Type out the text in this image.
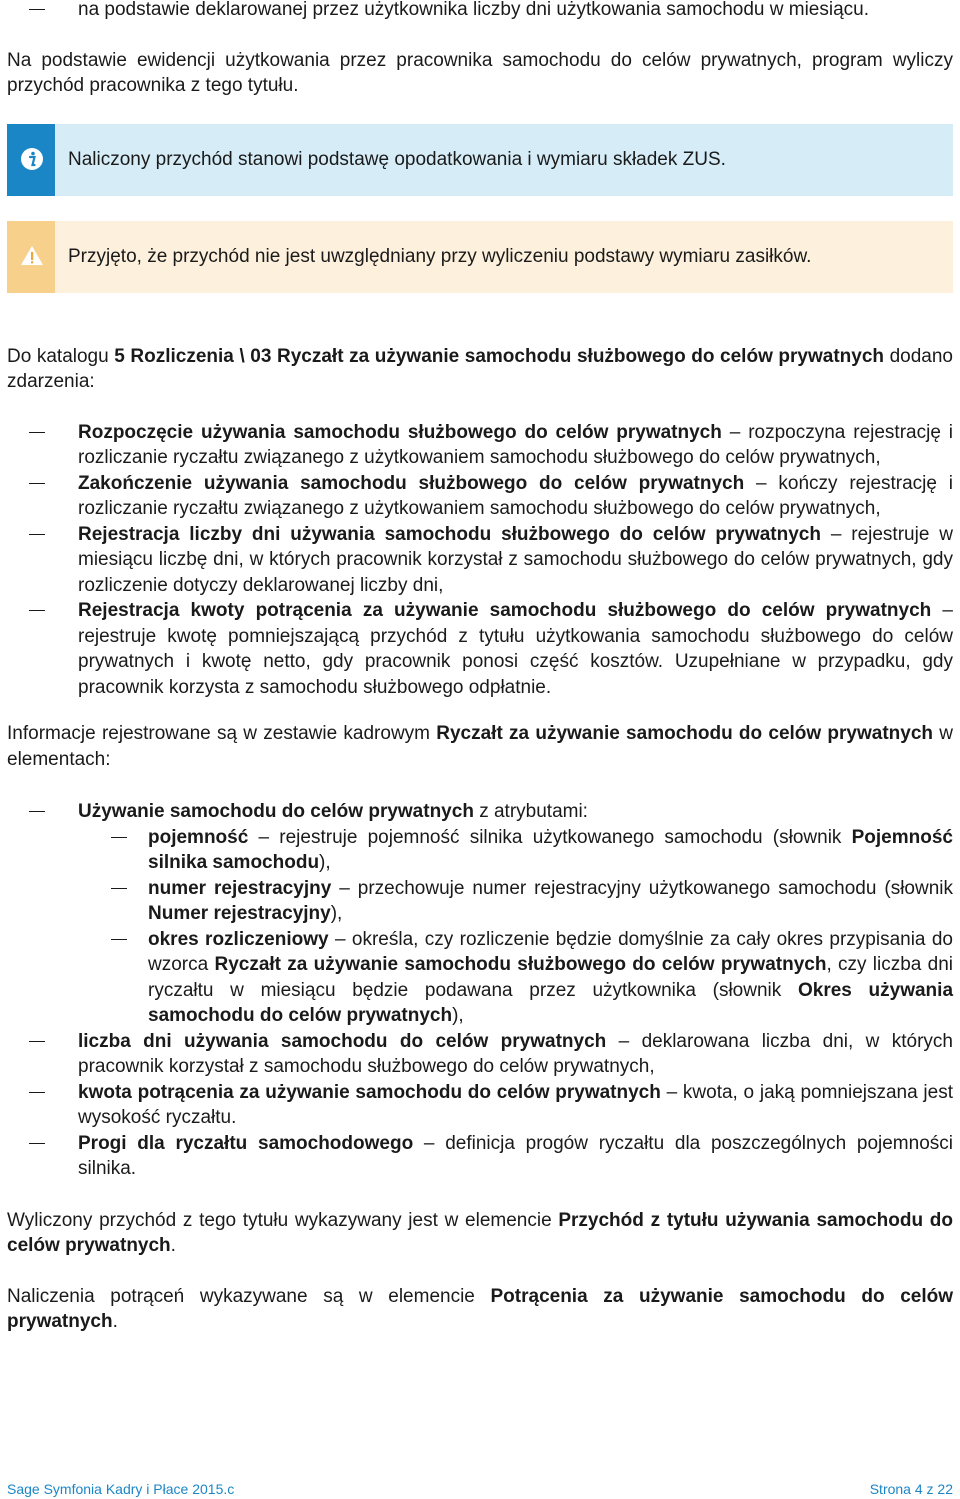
na podstawie deklarowanej przez użytkownika liczby dni użytkowania samochodu w miesiącu.

Na podstawie ewidencji użytkowania przez pracownika samochodu do celów prywatnych, program wyliczy przychód pracownika z tego tytułu.

Naliczony przychód stanowi podstawę opodatkowania i wymiaru składek ZUS.
Przyjęto, że przychód nie jest uwzględniany przy wyliczeniu podstawy wymiaru zasiłków.

Do katalogu 5 Rozliczenia \ 03 Ryczałt za używanie samochodu służbowego do celów prywatnych dodano zdarzenia:

Rozpoczęcie używania samochodu służbowego do celów prywatnych – rozpoczyna rejestrację i rozliczanie ryczałtu związanego z użytkowaniem samochodu służbowego do celów prywatnych,
Zakończenie używania samochodu służbowego do celów prywatnych – kończy rejestrację i rozliczanie ryczałtu związanego z użytkowaniem samochodu służbowego do celów prywatnych,
Rejestracja liczby dni używania samochodu służbowego do celów prywatnych – rejestruje w miesiącu liczbę dni, w których pracownik korzystał z samochodu służbowego do celów prywatnych, gdy rozliczenie dotyczy deklarowanej liczby dni,
Rejestracja kwoty potrącenia za używanie samochodu służbowego do celów prywatnych – rejestruje kwotę pomniejszającą przychód z tytułu użytkowania samochodu służbowego do celów prywatnych i kwotę netto, gdy pracownik ponosi część kosztów. Uzupełniane w przypadku, gdy pracownik korzysta z samochodu służbowego odpłatnie.

Informacje rejestrowane są w zestawie kadrowym Ryczałt za używanie samochodu do celów prywatnych w elementach:

Używanie samochodu do celów prywatnych z atrybutami:
pojemność – rejestruje pojemność silnika użytkowanego samochodu (słownik Pojemność silnika samochodu),
numer rejestracyjny – przechowuje numer rejestracyjny użytkowanego samochodu (słownik Numer rejestracyjny),
okres rozliczeniowy – określa, czy rozliczenie będzie domyślnie za cały okres przypisania do wzorca Ryczałt za używanie samochodu służbowego do celów prywatnych, czy liczba dni ryczałtu w miesiącu będzie podawana przez użytkownika (słownik Okres używania samochodu do celów prywatnych),
liczba dni używania samochodu do celów prywatnych – deklarowana liczba dni, w których pracownik korzystał z samochodu służbowego do celów prywatnych,
kwota potrącenia za używanie samochodu do celów prywatnych – kwota, o jaką pomniejszana jest wysokość ryczałtu.
Progi dla ryczałtu samochodowego – definicja progów ryczałtu dla poszczególnych pojemności silnika.

Wyliczony przychód z tego tytułu wykazywany jest w elemencie Przychód z tytułu używania samochodu do celów prywatnych.

Naliczenia potrąceń wykazywane są w elemencie Potrącenia za używanie samochodu do celów prywatnych.

Sage Symfonia Kadry i Płace 2015.c	Strona 4 z 22
